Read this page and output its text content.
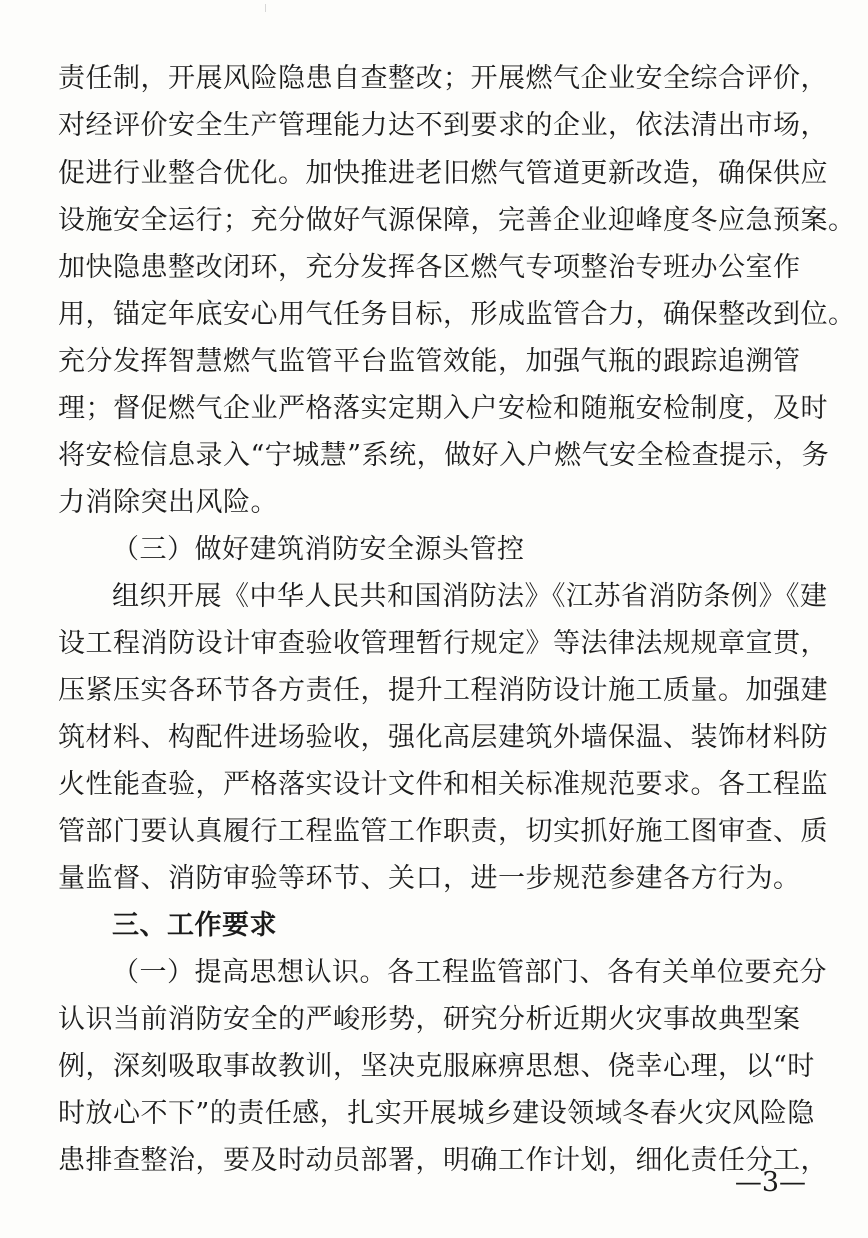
责任制，开展风险隐患自查整改；开展燃气企业安全综合评价，
对经评价安全生产管理能力达不到要求的企业，依法清出市场，
促进行业整合优化。加快推进老旧燃气管道更新改造，确保供应
设施安全运行；充分做好气源保障，完善企业迎峰度冬应急预案。
加快隐患整改闭环，充分发挥各区燃气专项整治专班办公室作
用，锚定年底安心用气任务目标，形成监管合力，确保整改到位。
充分发挥智慧燃气监管平台监管效能，加强气瓶的跟踪追溯管
理；督促燃气企业严格落实定期入户安检和随瓶安检制度，及时
将安检信息录入“宁城慧”系统，做好入户燃气安全检查提示，务
力消除突出风险。
（三）做好建筑消防安全源头管控
组织开展《中华人民共和国消防法》《江苏省消防条例》《建
设工程消防设计审查验收管理暂行规定》等法律法规规章宣贯，
压紧压实各环节各方责任，提升工程消防设计施工质量。加强建
筑材料、构配件进场验收，强化高层建筑外墙保温、装饰材料防
火性能查验，严格落实设计文件和相关标准规范要求。各工程监
管部门要认真履行工程监管工作职责，切实抓好施工图审查、质
量监督、消防审验等环节、关口，进一步规范参建各方行为。
三、工作要求
（一）提高思想认识。各工程监管部门、各有关单位要充分
认识当前消防安全的严峻形势，研究分析近期火灾事故典型案
例，深刻吸取事故教训，坚决克服麻痹思想、侥幸心理，以“时
时放心不下”的责任感，扎实开展城乡建设领域冬春火灾风险隐
患排查整治，要及时动员部署，明确工作计划，细化责任分工，
—3—
